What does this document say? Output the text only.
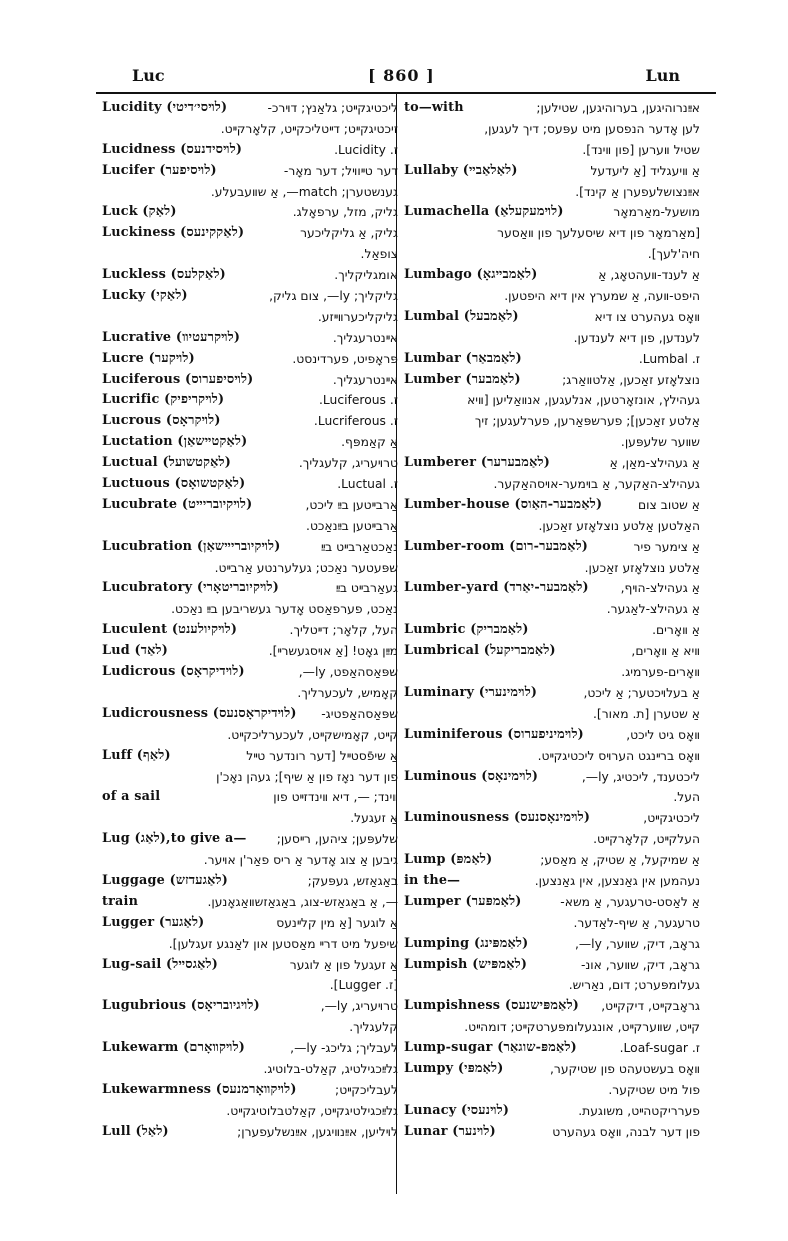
Luc	[ 860 ]	Lun
Lucidity (לױסי׳דיטי)	ליכטיגקײט; גלאַנץ; דױרכ-
זיכטיגקײט; דײטליכקײט, קלאָרקײט.
Lucidness (לױסידנעס)	ז. Lucidity.
Lucifer (לױסיפער)	דער טײוױל; דער מאָר-
גענשטערן; match—, אַ שװעבעלע.
Luck (לאַק)	גליק, מזל, ערפאָלג.
Luckiness (לאַקקינעס)	גליק, אַ גליקליכער
צופאַל.
Luckless (לאַקלעס)	אומגליקליך.
Lucky (לאַקי)	גליקליך; ly—, צום גליק,
גליקליכערװײזע.
Lucrative (לױקרעטיװ)	אײנטרעגליך.
Lucre (לױקער)	פּראָפיט, פערדינסט.
Luciferous (לױסיפערוס)	אײנטרעגליך.
Lucrific (לױקריפיק)	ז. Luciferous.
Lucrous (לױקראָס)	ז. Lucriferous.
Luctation (לאַקטײשאַן)	אַ קאַמפּף.
Luctual (לאַקטשועל)	טרױעריג, קלעגליך.
Luctuous (לאַקטשואָס)	ז. Luctual.
Lucubrate (לױקיובריײט)	אַרבײטען בײַ ליכט,
אַרבײטען בײַנאַכט.
Lucubration (לױקיובריײשאַן)	נאַכטאַרבײט בײַ
שפּעטער נאַכט; געלערנטע אַרבײט.
Lucubratory (לױקיובריטאָרי)	געאַרבײט בײַ
נאַכט, פערפאַסט אָדער געשריבען בײַ נאַכט.
Luculent (לױקיולענט)	העל, קלאָר; דײטליך.
Lud (לאַד)	מײַן גאָט! [אַ אױסגעשרײ].
Ludicrous (לױדיקראָס)	שפּאַסהאַפט, ly—,
קאָמיש, לעכערליך.
Ludicrousness (לױדיקראָסנעס) שפּאַסהאַפטיג-
קײט, קאָמישקײט, לעכערליכקײט.
Luff (לאַף)	אַ שיפֿסטײל [דער רונדער טײל
פון דער נאָז פון אַ שיף]; געהן נאָכ'ן
of a sail	װינד; —, דיא װינדזײט פון
אַ זעגעל.
Lug (לאַג),to give a— שלעפּען; ציהען, רײסען;
גיבען אַ צוג אָדער אַ ריס פאַר'ן אױער.
Luggage (לאַגעדזש)	באַגאַזש, געפּעק;
train	—, אַ באַגאַזש-צוג, באַגאַזשװאַגאָנען.
Lugger (לאַגער)	אַ לוגער [אַ מין קלײנעס
שיפעל מיט דרײ מאַסטען און לאַנגע זעגלען].
Lug-sail (לאַגסײל)	אַ זעגעל פון אַ לוגער
[ז. Lugger].
Lugubrious (לױגיובריאָס)	טרױעריג, ly—,
קלעגליך.
Lukewarm (לױקװאָרם)	לעבליך; גליכג- ly—,
גלײַכגילטיג, קאַלט-בלוטיג.
Lukewarmness (לױקװאָרמנעס)	לעבליכקײט;
גלײַכגילטיגקײט, קאַלטבלוטיגקײט.
Lull (לאַל)	לױליען, אײַנװיגען, אײַנשלעפערן;
to—with	אײַנרוהיגען, בערוהיגען, שטילען;
לען אָדער הנפסען מיט עפּעס; דיך לעגען,
שטיל װערען [פון װינד].
Lullaby (לאַלאַבײ)	אַ װיעגליד [אַ ליעדעל
אײַנצושלעפערן אַ קינד].
Lumachella (לױמעקעלאַ)	מושעל-מאַרמאָר
[מאַרמאָר פון דיא שיסעלעך פון װאַסער
חיה'לעך].
Lumbago (לאַמבײגאָ)	אַ לענד-װעהטאָג, אַ
היפט-װעה, אַ שמערץ אין דיא היפטען.
Lumbal (לאַמבעל)	װאָס געהערט צו דיא
לענדען, פון דיא לענדען.
Lumbar (לאַמבאַר)	ז. Lumbal.
Lumber (לאַמבער)	נוצלאָזע זאַכען, אַלטװאַרג;
געהילץ, אונזאָרטען, אנלעגען, אנװאַליען [װיא
אַלטע זאַכען]; פערשפּאַרען, פערלעגען; זיך
שװער שלעפּען.
Lumberer (לאַמבערער)	אַ געהילצ-מאַן, אַ
געהילצ-האַקער, אַ בױמער-אױסהאַקער.
Lumber-house (לאַמבער-האַוס)	אַ שטוב צום
האַלטען אַלטע נוצלאָזע זאַכען.
Lumber-room (לאַמבער-רום)	אַ צימער פיר
אַלטע נוצלאָזע זאַכען.
Lumber-yard (לאַמבער-יאַרד)	אַ געהילצ-הױף,
אַ געהילצ-לאַגער.
Lumbric (לאַמבריק)	אַ װאָרים.
Lumbrical (לאַמבריקעל)	װיא אַ װאָרים,
װאָרים-פערמיג.
Luminary (לױמינערי)	אַ בעלױכטער; אַ ליכט,
אַ שטערן [ת. מאור].
Luminiferous (לױמיניפערוס)	װאָס גיט ליכט,
װאָס ברײנגט הערױס ליכטיגקײט.
Luminous (לױמינאָס)	ליכטענד, ליכטיג, ly—,
העל.
Luminousness (לױמינאָסנעס)	ליכטיגקײט,
העלקײט, קלאָרקײט.
Lump (לאַמפּ)	אַ שמיקעל, אַ שטיק, אַ מאַסע;
in the—	נעהמען אין גאַנצען, אין גאַנצען.
Lumper (לאַמפּער)	אַ לאַסט-טרעגער, אַ משא-
טרעגער, אַ שיף-לאַדער.
Lumping (לאַמפּינג)	גראָב, דיק, שװער, ly—,
Lumpish (לאַמפּיש)	גראָב, דיק, שװער, אונ-
געלומפּערט; דום, נאַריש.
Lumpishness (לאַמפּישנעס) גראָבקײט, דיקקײט,
קײט, שװערקײט, אונגעלומפּערטקײט; דומהײט.
Lump-sugar (לאַמפּ-שוגאַר)	ז. Loaf-sugar.
Lumpy (לאַמפּי)	װאָס בעשטעהט פון שטיקער,
פול מיט שטיקער.
Lunacy (לױנעסי)	פערריקטהײט, משוגעת.
Lunar (לױנער)	פון דער לבנה, װאָס געהערט
